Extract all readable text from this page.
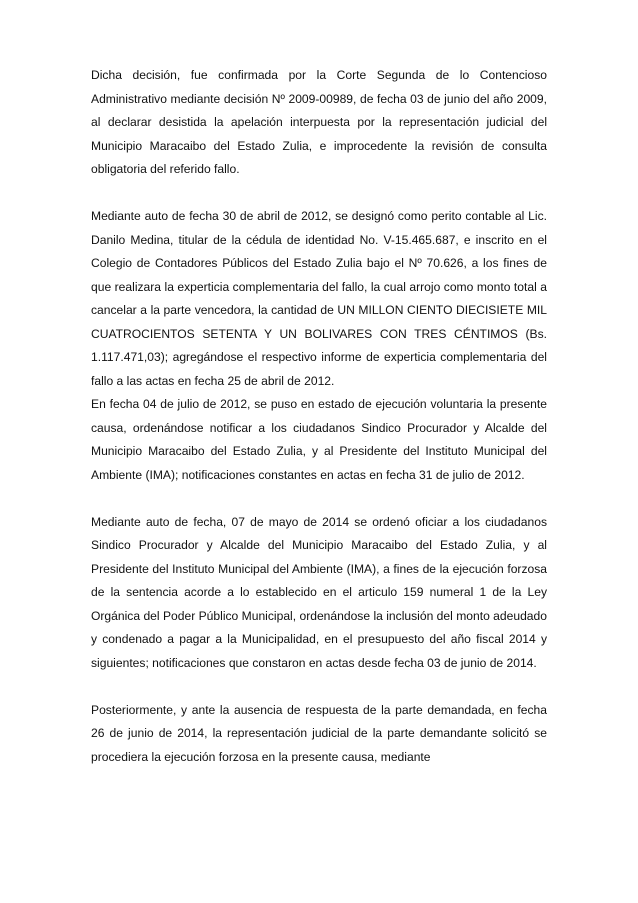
Dicha decisión, fue confirmada por la Corte Segunda de lo Contencioso Administrativo mediante decisión Nº 2009-00989, de fecha 03 de junio del año 2009, al declarar desistida la apelación interpuesta por la representación judicial del Municipio Maracaibo del Estado Zulia, e improcedente la revisión de consulta obligatoria del referido fallo.

Mediante auto de fecha 30 de abril de 2012, se designó como perito contable al Lic. Danilo Medina, titular de la cédula de identidad No. V-15.465.687, e inscrito en el Colegio de Contadores Públicos del Estado Zulia bajo el Nº 70.626, a los fines de que realizara la experticia complementaria del fallo, la cual arrojo como monto total a cancelar a la parte vencedora, la cantidad de UN MILLON CIENTO DIECISIETE MIL CUATROCIENTOS SETENTA Y UN BOLIVARES CON TRES CÉNTIMOS (Bs. 1.117.471,03); agregándose el respectivo informe de experticia complementaria del fallo a las actas en fecha 25 de abril de 2012.

En fecha 04 de julio de 2012, se puso en estado de ejecución voluntaria la presente causa, ordenándose notificar a los ciudadanos Sindico Procurador y Alcalde del Municipio Maracaibo del Estado Zulia, y al Presidente del Instituto Municipal del Ambiente (IMA); notificaciones constantes en actas en fecha 31 de julio de 2012.

Mediante auto de fecha, 07 de mayo de 2014 se ordenó oficiar a los ciudadanos Sindico Procurador y Alcalde del Municipio Maracaibo del Estado Zulia, y al Presidente del Instituto Municipal del Ambiente (IMA), a fines de la ejecución forzosa de la sentencia acorde a lo establecido en el articulo 159 numeral 1 de la Ley Orgánica del Poder Público Municipal, ordenándose la inclusión del monto adeudado y condenado a pagar a la Municipalidad, en el presupuesto del año fiscal 2014 y siguientes; notificaciones que constaron en actas desde fecha 03 de junio de 2014.

Posteriormente, y ante la ausencia de respuesta de la parte demandada, en fecha 26 de junio de 2014, la representación judicial de la parte demandante solicitó se procediera la ejecución forzosa en la presente causa, mediante
